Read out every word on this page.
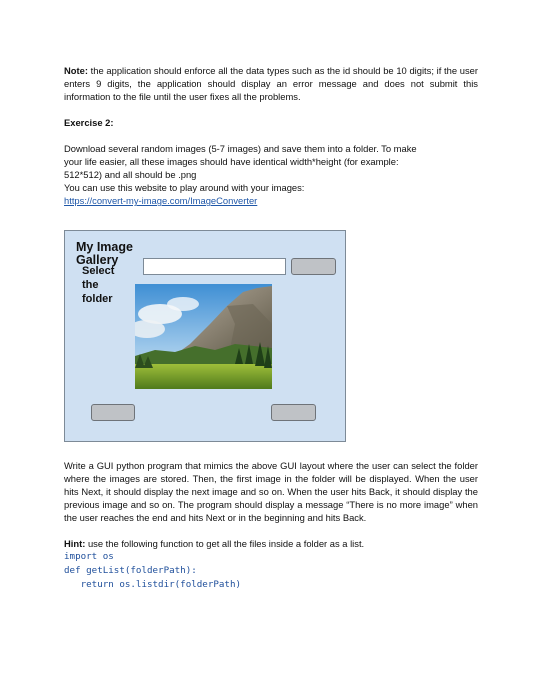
Note: the application should enforce all the data types such as the id should be 10 digits; if the user enters 9 digits, the application should display an error message and does not submit this information to the file until the user fixes all the problems.

Exercise 2:

Download several random images (5-7 images) and save them into a folder. To make

your life easier, all these images should have identical width*height (for example:

512*512) and all should be .png

You can use this website to play around with your images:

https://convert-my-image.com/ImageConverter

My Image Gallery
Select the folder

Write a GUI python program that mimics the above GUI layout where the user can select the folder where the images are stored. Then, the first image in the folder will be displayed. When the user hits Next, it should display the next image and so on. When the user hits Back, it should display the previous image and so on. The program should display a message “There is no more image” when the user reaches the end and hits Next or in the beginning and hits Back.

Hint: use the following function to get all the files inside a folder as a list.

import os
def getList(folderPath):
return os.listdir(folderPath)
